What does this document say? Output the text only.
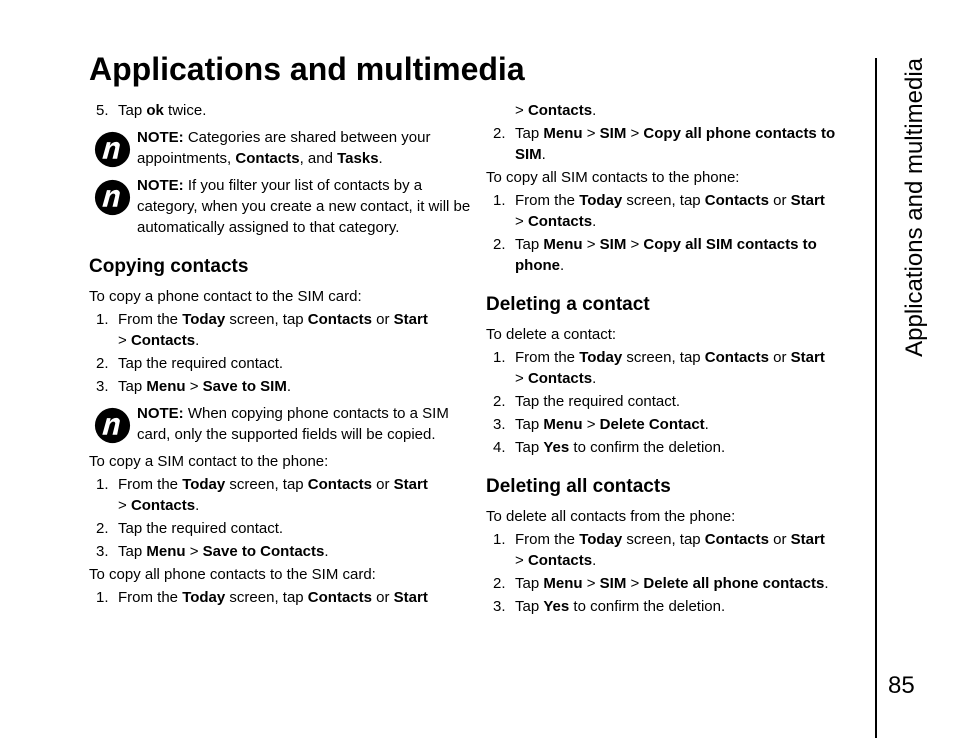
Applications and multimedia	Applications and multimedia
85
5. Tap ok twice.
NOTE: Categories are shared between your appointments, Contacts, and Tasks.
NOTE: If you filter your list of contacts by a category, when you create a new contact, it will be automatically assigned to that category.
Copying contacts

To copy a phone contact to the SIM card:

1. From the Today screen, tap Contacts or Start
> Contacts.
2. Tap the required contact.
3. Tap Menu > Save to SIM.
NOTE: When copying phone contacts to a SIM card, only the supported fields will be copied.

To copy a SIM contact to the phone:

1. From the Today screen, tap Contacts or Start
> Contacts.
2. Tap the required contact.
3. Tap Menu > Save to Contacts.

To copy all phone contacts to the SIM card:

1. From the Today screen, tap Contacts or Start
> Contacts.
2. Tap Menu > SIM > Copy all phone contacts to SIM.

To copy all SIM contacts to the phone:

1. From the Today screen, tap Contacts or Start
> Contacts.
2. Tap Menu > SIM > Copy all SIM contacts to phone.
Deleting a contact

To delete a contact:

1. From the Today screen, tap Contacts or Start
> Contacts.
2. Tap the required contact.
3. Tap Menu > Delete Contact.
4. Tap Yes to confirm the deletion.
Deleting all contacts

To delete all contacts from the phone:

1. From the Today screen, tap Contacts or Start
> Contacts.
2. Tap Menu > SIM > Delete all phone contacts.
3. Tap Yes to confirm the deletion.
